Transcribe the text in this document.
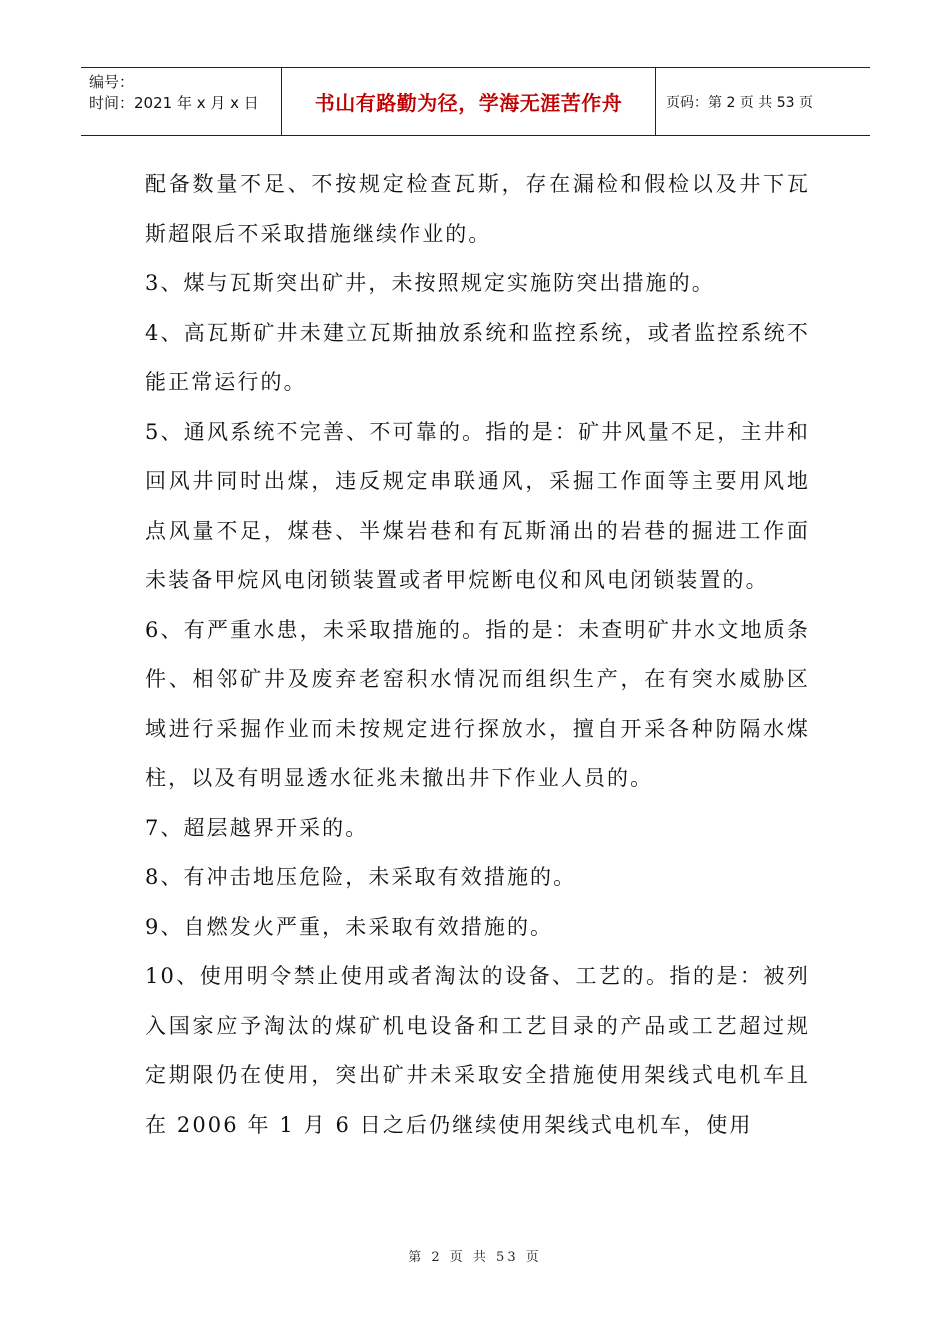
编号：
时间：2021 年 x 月 x 日	书山有路勤为径，学海无涯苦作舟	页码：第 2 页 共 53 页

配备数量不足、不按规定检查瓦斯，存在漏检和假检以及井下瓦斯超限后不采取措施继续作业的。

3、煤与瓦斯突出矿井，未按照规定实施防突出措施的。

4、高瓦斯矿井未建立瓦斯抽放系统和监控系统，或者监控系统不能正常运行的。

5、通风系统不完善、不可靠的。指的是：矿井风量不足，主井和回风井同时出煤，违反规定串联通风，采掘工作面等主要用风地点风量不足，煤巷、半煤岩巷和有瓦斯涌出的岩巷的掘进工作面未装备甲烷风电闭锁装置或者甲烷断电仪和风电闭锁装置的。

6、有严重水患，未采取措施的。指的是：未查明矿井水文地质条件、相邻矿井及废弃老窑积水情况而组织生产，在有突水威胁区域进行采掘作业而未按规定进行探放水，擅自开采各种防隔水煤柱，以及有明显透水征兆未撤出井下作业人员的。

7、超层越界开采的。

8、有冲击地压危险，未采取有效措施的。

9、自燃发火严重，未采取有效措施的。

10、使用明令禁止使用或者淘汰的设备、工艺的。指的是：被列入国家应予淘汰的煤矿机电设备和工艺目录的产品或工艺超过规定期限仍在使用，突出矿井未采取安全措施使用架线式电机车且在 2006 年 1 月 6 日之后仍继续使用架线式电机车，使用

第 2 页 共 53 页
